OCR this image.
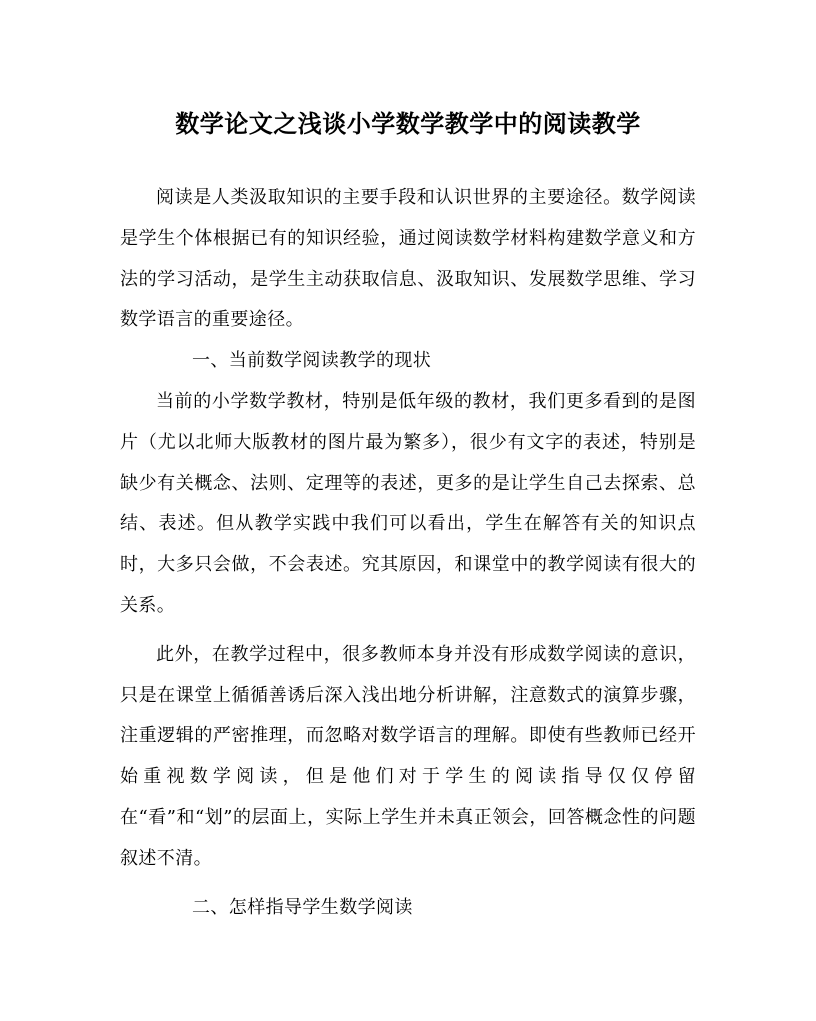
数学论文之浅谈小学数学教学中的阅读教学

阅读是人类汲取知识的主要手段和认识世界的主要途径。数学阅读是学生个体根据已有的知识经验，通过阅读数学材料构建数学意义和方法的学习活动，是学生主动获取信息、汲取知识、发展数学思维、学习数学语言的重要途径。

一、当前数学阅读教学的现状

当前的小学数学教材，特别是低年级的教材，我们更多看到的是图片（尤以北师大版教材的图片最为繁多），很少有文字的表述，特别是缺少有关概念、法则、定理等的表述，更多的是让学生自己去探索、总结、表述。但从教学实践中我们可以看出，学生在解答有关的知识点时，大多只会做，不会表述。究其原因，和课堂中的教学阅读有很大的关系。

此外，在教学过程中，很多教师本身并没有形成数学阅读的意识，只是在课堂上循循善诱后深入浅出地分析讲解，注意数式的演算步骤，注重逻辑的严密推理，而忽略对数学语言的理解。即使有些教师已经开始重视数学阅读，但是他们对于学生的阅读指导仅仅停留在“看”和“划”的层面上，实际上学生并未真正领会，回答概念性的问题叙述不清。

二、怎样指导学生数学阅读
